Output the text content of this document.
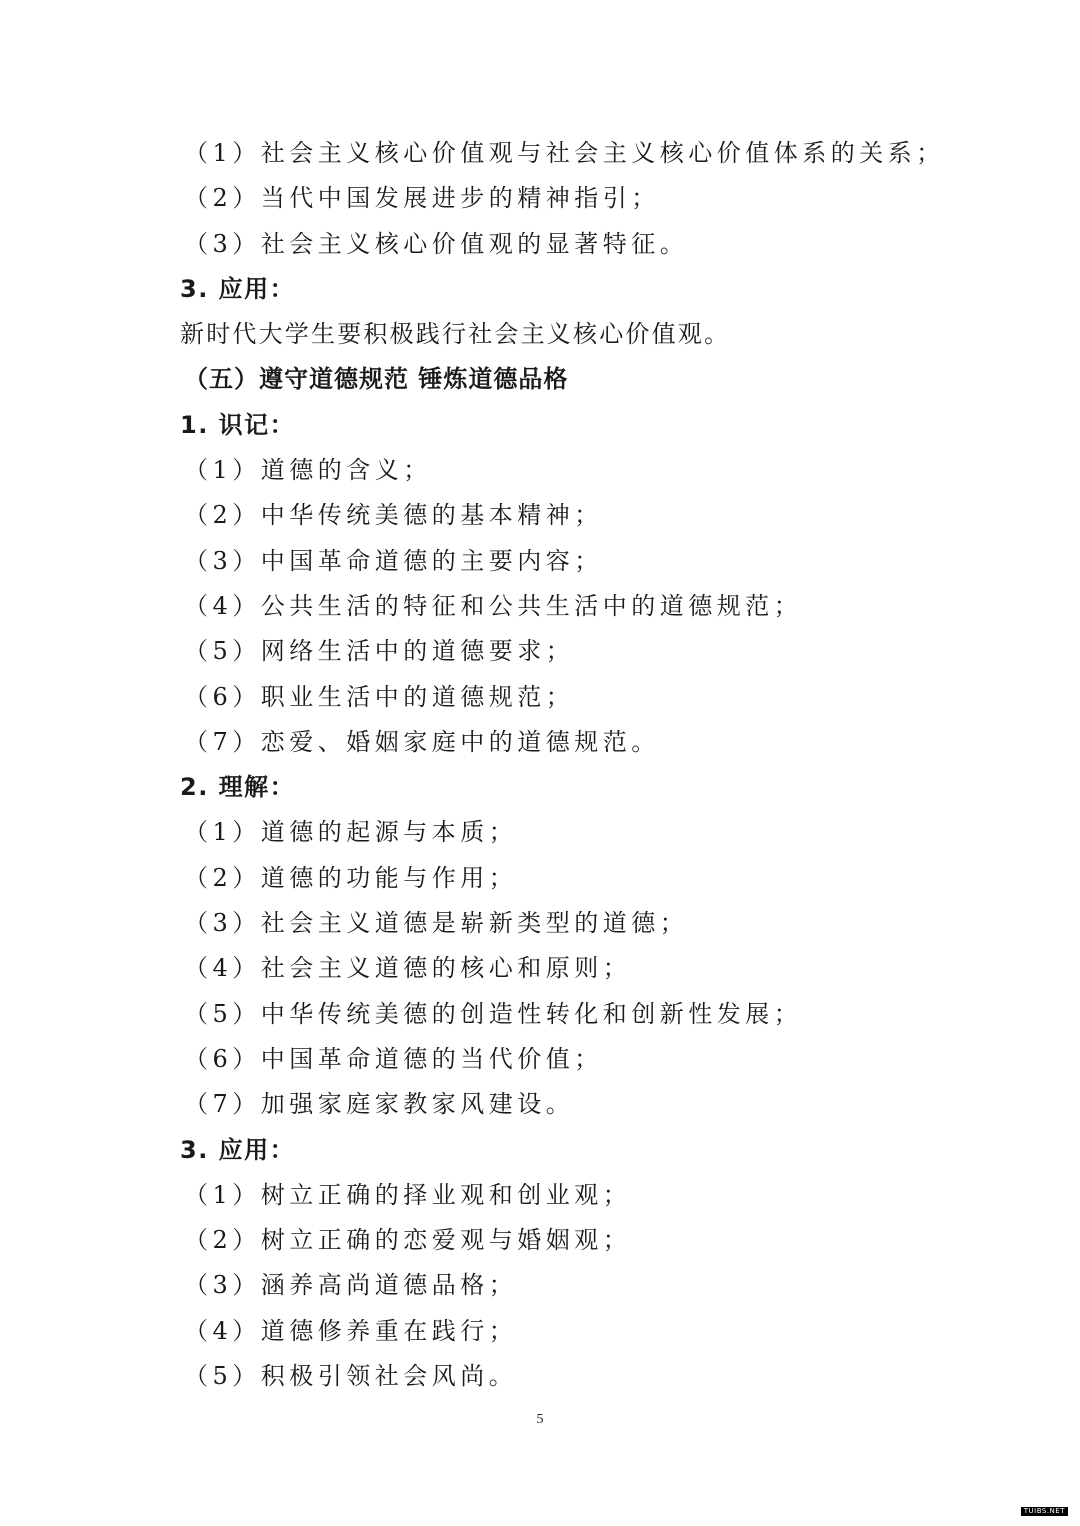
（1）社会主义核心价值观与社会主义核心价值体系的关系；
（2）当代中国发展进步的精神指引；
（3）社会主义核心价值观的显著特征。
3. 应用：
新时代大学生要积极践行社会主义核心价值观。
（五）遵守道德规范 锤炼道德品格
1. 识记：
（1）道德的含义；
（2）中华传统美德的基本精神；
（3）中国革命道德的主要内容；
（4）公共生活的特征和公共生活中的道德规范；
（5）网络生活中的道德要求；
（6）职业生活中的道德规范；
（7）恋爱、婚姻家庭中的道德规范。
2. 理解：
（1）道德的起源与本质；
（2）道德的功能与作用；
（3）社会主义道德是崭新类型的道德；
（4）社会主义道德的核心和原则；
（5）中华传统美德的创造性转化和创新性发展；
（6）中国革命道德的当代价值；
（7）加强家庭家教家风建设。
3. 应用：
（1）树立正确的择业观和创业观；
（2）树立正确的恋爱观与婚姻观；
（3）涵养高尚道德品格；
（4）道德修养重在践行；
（5）积极引领社会风尚。
5
TUIBS.NET
